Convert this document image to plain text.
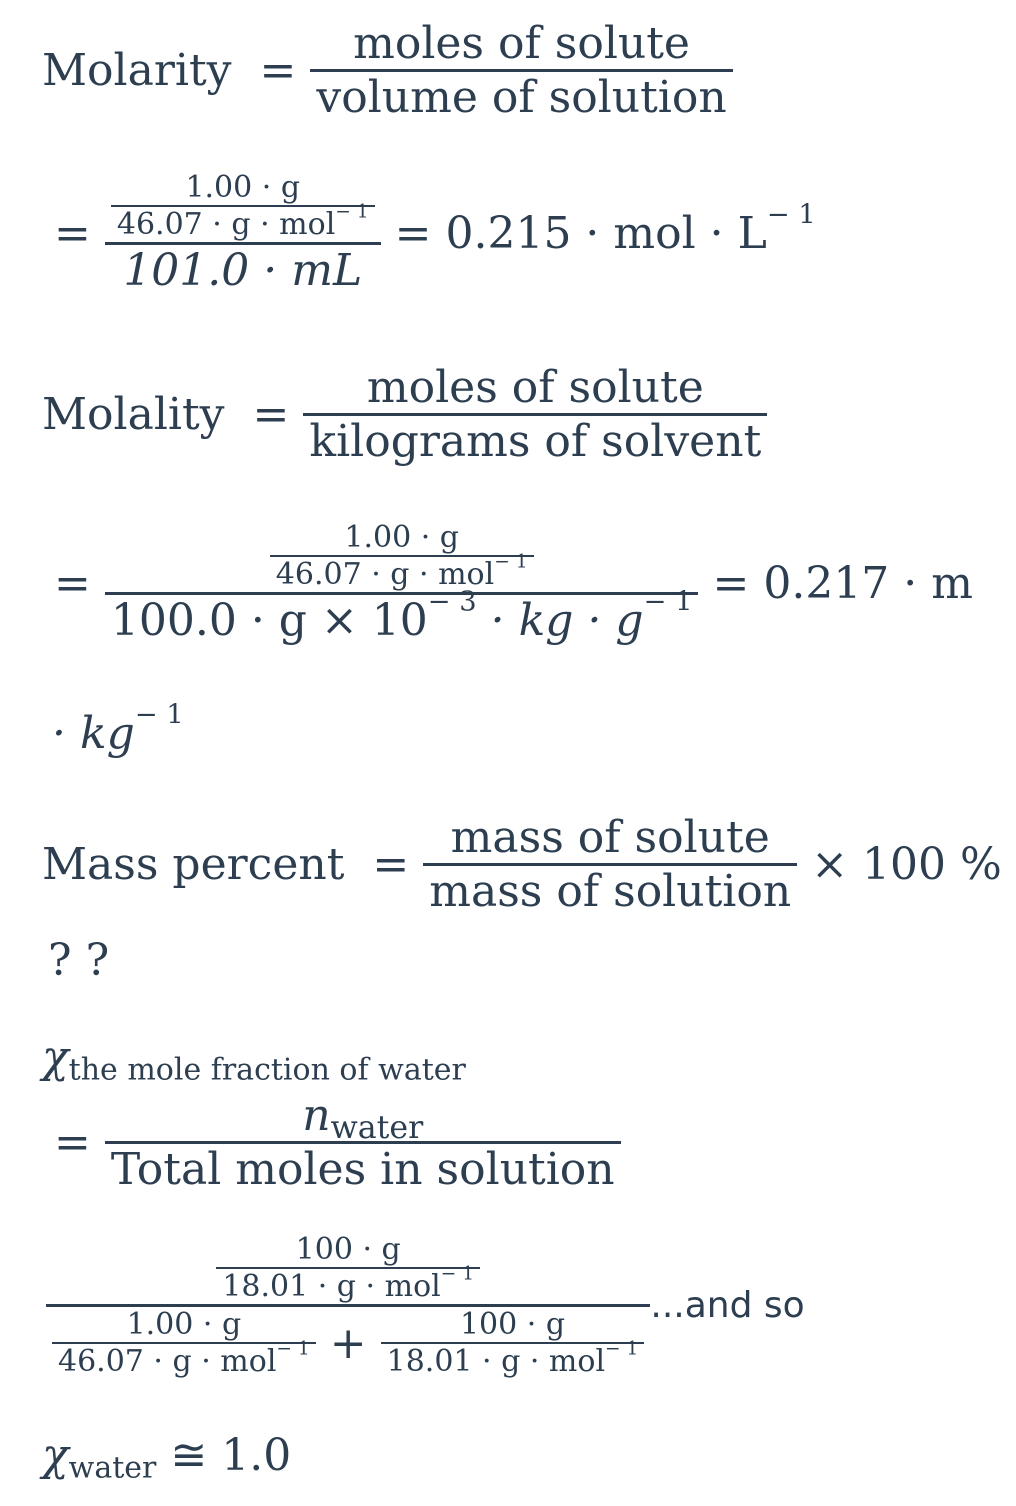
Molarity = $\frac{\text{moles of solute}}{\text{volume of solution}}$
= $\frac{\frac{1.00 \cdot g}{46.07 \cdot g \cdot mol^{- 1}}}{101.0 \cdot mL} = 0.215$ · mol · $L^{- 1}$
Molality = $\frac{\text{moles of solute}}{\text{kilograms of solvent}}$
= $\frac{\frac{1.00 \cdot g}{46.07 \cdot g \cdot mol^{- 1}}}{100.0 \cdot g \times 10^{- 3} \cdot kg \cdot g^{- 1}} = 0.217 \cdot m$
· $kg^{- 1}$
Mass percent = $\frac{\text{mass of solute}}{\text{mass of solution}} \times 100$ %
? ?
$\chi_{the mole fraction of water}$
= $\frac{n_{water}}{\text{Total moles in solution}}$
$\frac{100 \cdot g}{18.01 \cdot g \cdot mol^{- 1}}$
$\frac{1.00 \cdot g}{46.07 \cdot g \cdot mol^{- 1}} + \frac{100 \cdot g}{18.01 \cdot g \cdot mol^{- 1}}$
...and so
$\chi_{water}$ ≅ 1.0
